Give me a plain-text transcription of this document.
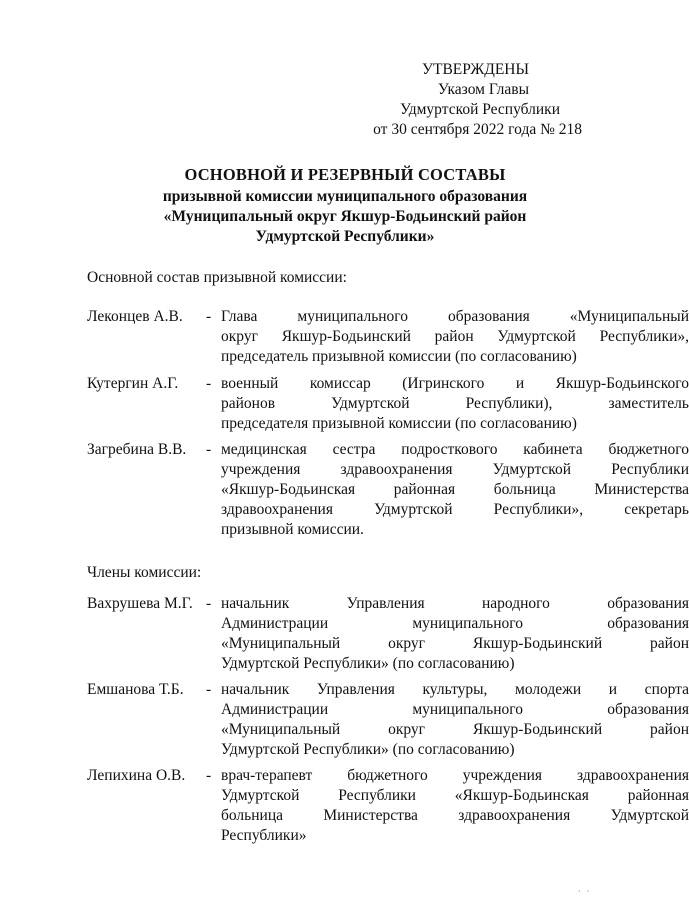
УТВЕРЖДЕНЫ
Указом Главы
Удмуртской Республики
от 30 сентября 2022 года № 218
ОСНОВНОЙ И РЕЗЕРВНЫЙ СОСТАВЫ
призывной комиссии муниципального образования
«Муниципальный округ Якшур-Бодьинский район
Удмуртской Республики»
Основной состав призывной комиссии:
Леконцев А.В. - Глава муниципального образования «Муниципальный
округ Якшур-Бодьинский район Удмуртской Республики»,
председатель призывной комиссии (по согласованию)
Кутергин А.Г. - военный комиссар (Игринского и Якшур-Бодьинского
районов Удмуртской Республики), заместитель
председателя призывной комиссии (по согласованию)
Загребина В.В. - медицинская сестра подросткового кабинета бюджетного
учреждения здравоохранения Удмуртской Республики
«Якшур-Бодьинская районная больница Министерства
здравоохранения Удмуртской Республики», секретарь
призывной комиссии.
Члены комиссии:
Вахрушева М.Г. - начальник Управления народного образования
Администрации муниципального образования
«Муниципальный округ Якшур-Бодьинский район
Удмуртской Республики» (по согласованию)
Емшанова Т.Б. - начальник Управления культуры, молодежи и спорта
Администрации муниципального образования
«Муниципальный округ Якшур-Бодьинский район
Удмуртской Республики» (по согласованию)
Лепихина О.В. - врач-терапевт бюджетного учреждения здравоохранения
Удмуртской Республики «Якшур-Бодьинская районная
больница Министерства здравоохранения Удмуртской
Республики»
· ·
